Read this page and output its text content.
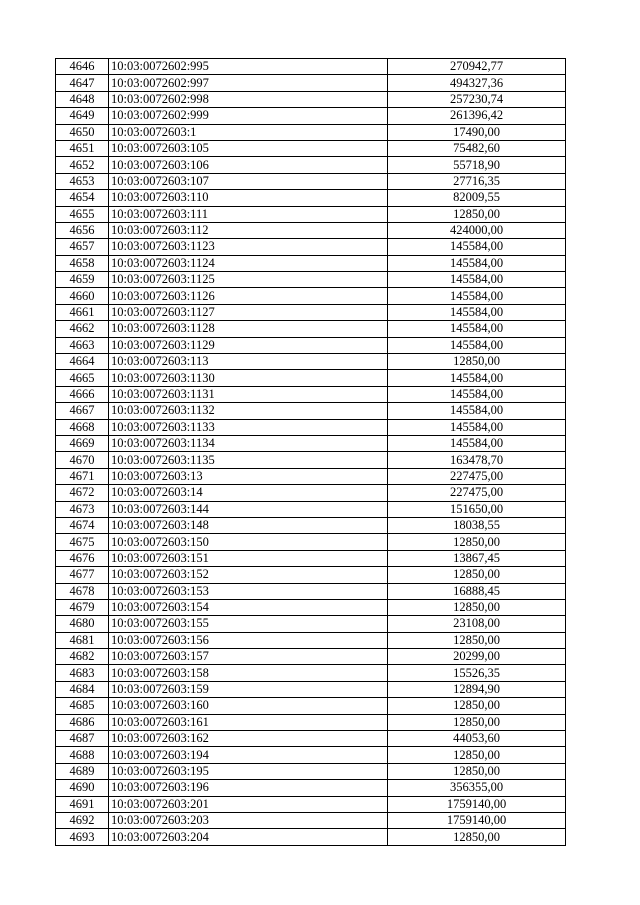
4646	10:03:0072602:995	270942,77
4647	10:03:0072602:997	494327,36
4648	10:03:0072602:998	257230,74
4649	10:03:0072602:999	261396,42
4650	10:03:0072603:1	17490,00
4651	10:03:0072603:105	75482,60
4652	10:03:0072603:106	55718,90
4653	10:03:0072603:107	27716,35
4654	10:03:0072603:110	82009,55
4655	10:03:0072603:111	12850,00
4656	10:03:0072603:112	424000,00
4657	10:03:0072603:1123	145584,00
4658	10:03:0072603:1124	145584,00
4659	10:03:0072603:1125	145584,00
4660	10:03:0072603:1126	145584,00
4661	10:03:0072603:1127	145584,00
4662	10:03:0072603:1128	145584,00
4663	10:03:0072603:1129	145584,00
4664	10:03:0072603:113	12850,00
4665	10:03:0072603:1130	145584,00
4666	10:03:0072603:1131	145584,00
4667	10:03:0072603:1132	145584,00
4668	10:03:0072603:1133	145584,00
4669	10:03:0072603:1134	145584,00
4670	10:03:0072603:1135	163478,70
4671	10:03:0072603:13	227475,00
4672	10:03:0072603:14	227475,00
4673	10:03:0072603:144	151650,00
4674	10:03:0072603:148	18038,55
4675	10:03:0072603:150	12850,00
4676	10:03:0072603:151	13867,45
4677	10:03:0072603:152	12850,00
4678	10:03:0072603:153	16888,45
4679	10:03:0072603:154	12850,00
4680	10:03:0072603:155	23108,00
4681	10:03:0072603:156	12850,00
4682	10:03:0072603:157	20299,00
4683	10:03:0072603:158	15526,35
4684	10:03:0072603:159	12894,90
4685	10:03:0072603:160	12850,00
4686	10:03:0072603:161	12850,00
4687	10:03:0072603:162	44053,60
4688	10:03:0072603:194	12850,00
4689	10:03:0072603:195	12850,00
4690	10:03:0072603:196	356355,00
4691	10:03:0072603:201	1759140,00
4692	10:03:0072603:203	1759140,00
4693	10:03:0072603:204	12850,00
